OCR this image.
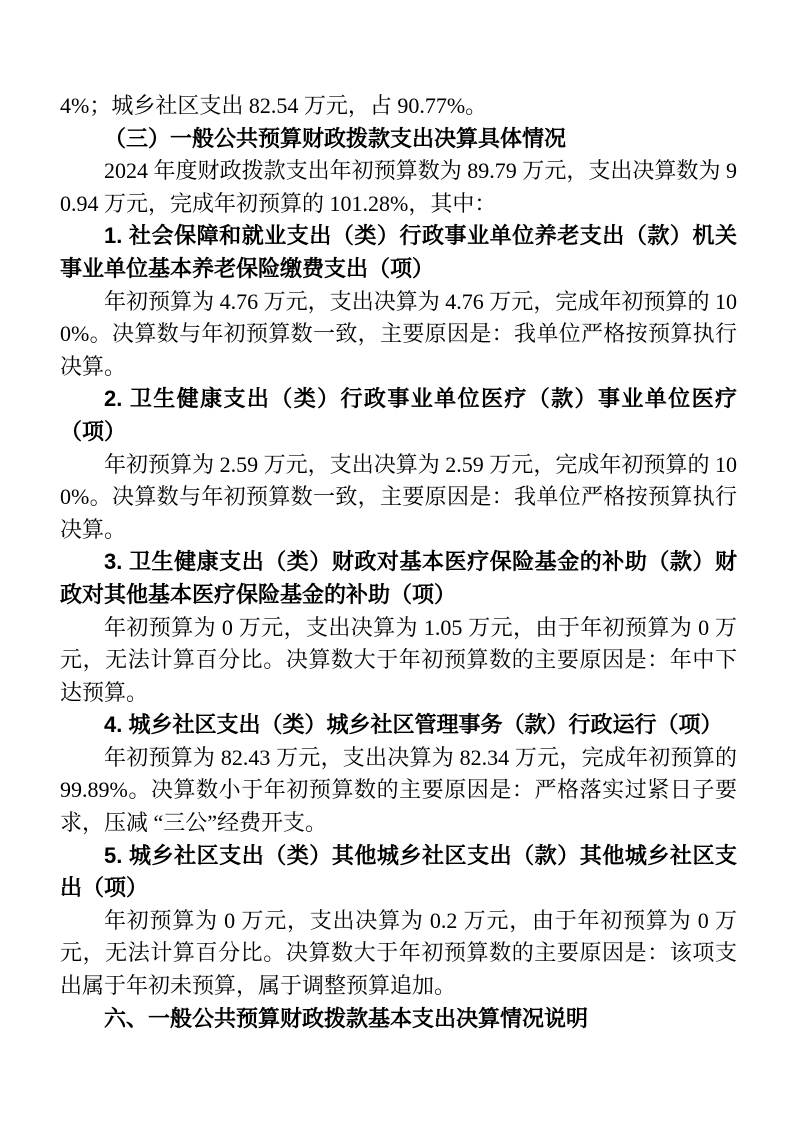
4%；城乡社区支出 82.54 万元，占 90.77%。

（三）一般公共预算财政拨款支出决算具体情况

2024 年度财政拨款支出年初预算数为 89.79 万元，支出决算数为 90.94 万元，完成年初预算的 101.28%，其中：

1. 社会保障和就业支出（类）行政事业单位养老支出（款）机关事业单位基本养老保险缴费支出（项）

年初预算为 4.76 万元，支出决算为 4.76 万元，完成年初预算的 100%。决算数与年初预算数一致，主要原因是：我单位严格按预算执行决算。

2. 卫生健康支出（类）行政事业单位医疗（款）事业单位医疗（项）

年初预算为 2.59 万元，支出决算为 2.59 万元，完成年初预算的 100%。决算数与年初预算数一致，主要原因是：我单位严格按预算执行决算。

3. 卫生健康支出（类）财政对基本医疗保险基金的补助（款）财政对其他基本医疗保险基金的补助（项）

年初预算为 0 万元，支出决算为 1.05 万元，由于年初预算为 0 万元，无法计算百分比。决算数大于年初预算数的主要原因是：年中下达预算。

4. 城乡社区支出（类）城乡社区管理事务（款）行政运行（项）

年初预算为 82.43 万元，支出决算为 82.34 万元，完成年初预算的 99.89%。决算数小于年初预算数的主要原因是：严格落实过紧日子要求，压减 “三公”经费开支。

5. 城乡社区支出（类）其他城乡社区支出（款）其他城乡社区支出（项）

年初预算为 0 万元，支出决算为 0.2 万元，由于年初预算为 0 万元，无法计算百分比。决算数大于年初预算数的主要原因是：该项支出属于年初未预算，属于调整预算追加。

六、一般公共预算财政拨款基本支出决算情况说明
